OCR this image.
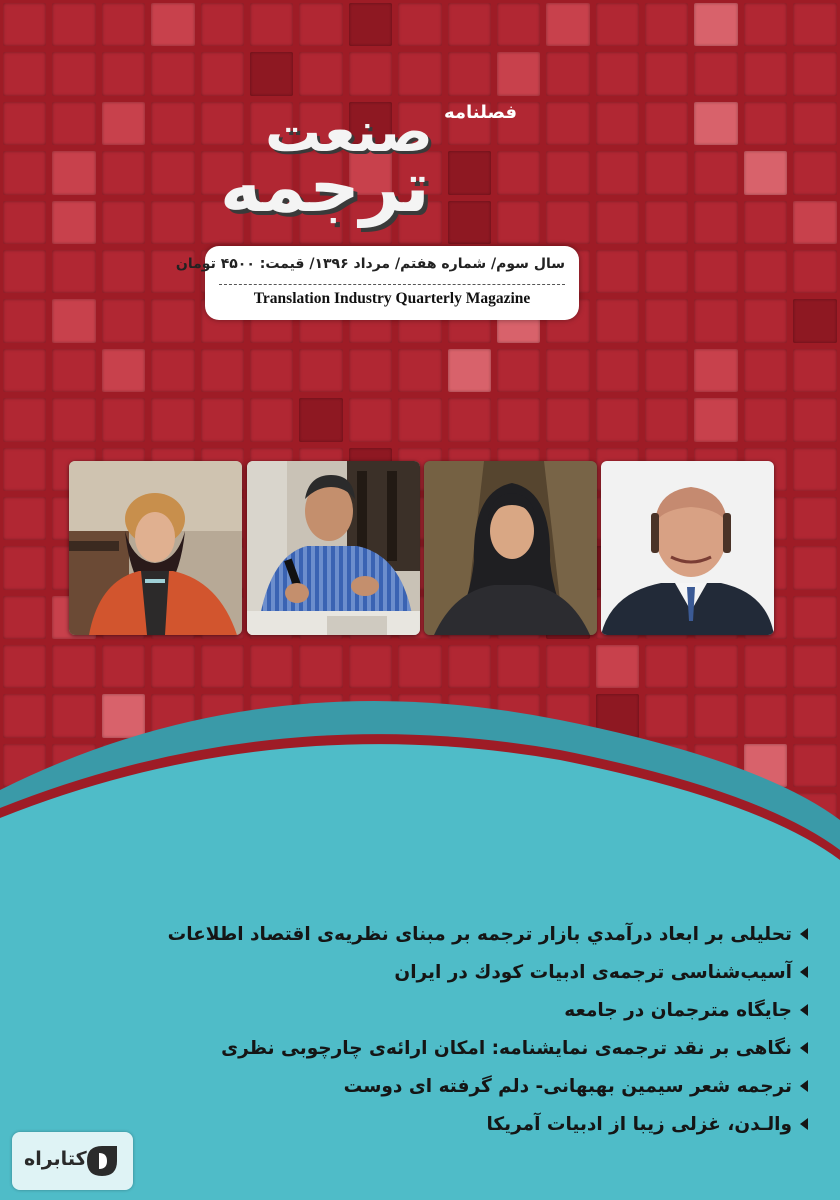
فصلنامه
صنعت
ترجمه
سال سوم/ شماره هفتم/ مرداد ۱۳۹۶/ قیمت: ۴۵۰۰ تومان
Translation Industry Quarterly Magazine
تحلیلی بر ابعاد درآمدي بازار ترجمه بر مبنای نظریه‌ی اقتصاد اطلاعات
آسیب‌شناسی ترجمه‌ی ادبیات کودك در ایران
جایگاه مترجمان در جامعه
نگاهی بر نقد ترجمه‌ی نمایشنامه: امکان ارائه‌ی چارچوبی نظری
ترجمه شعر سیمین بهبهانی- دلم گرفته ای دوست
والـدن، غزلی زیبا از ادبیات آمریکا
کتابراه
